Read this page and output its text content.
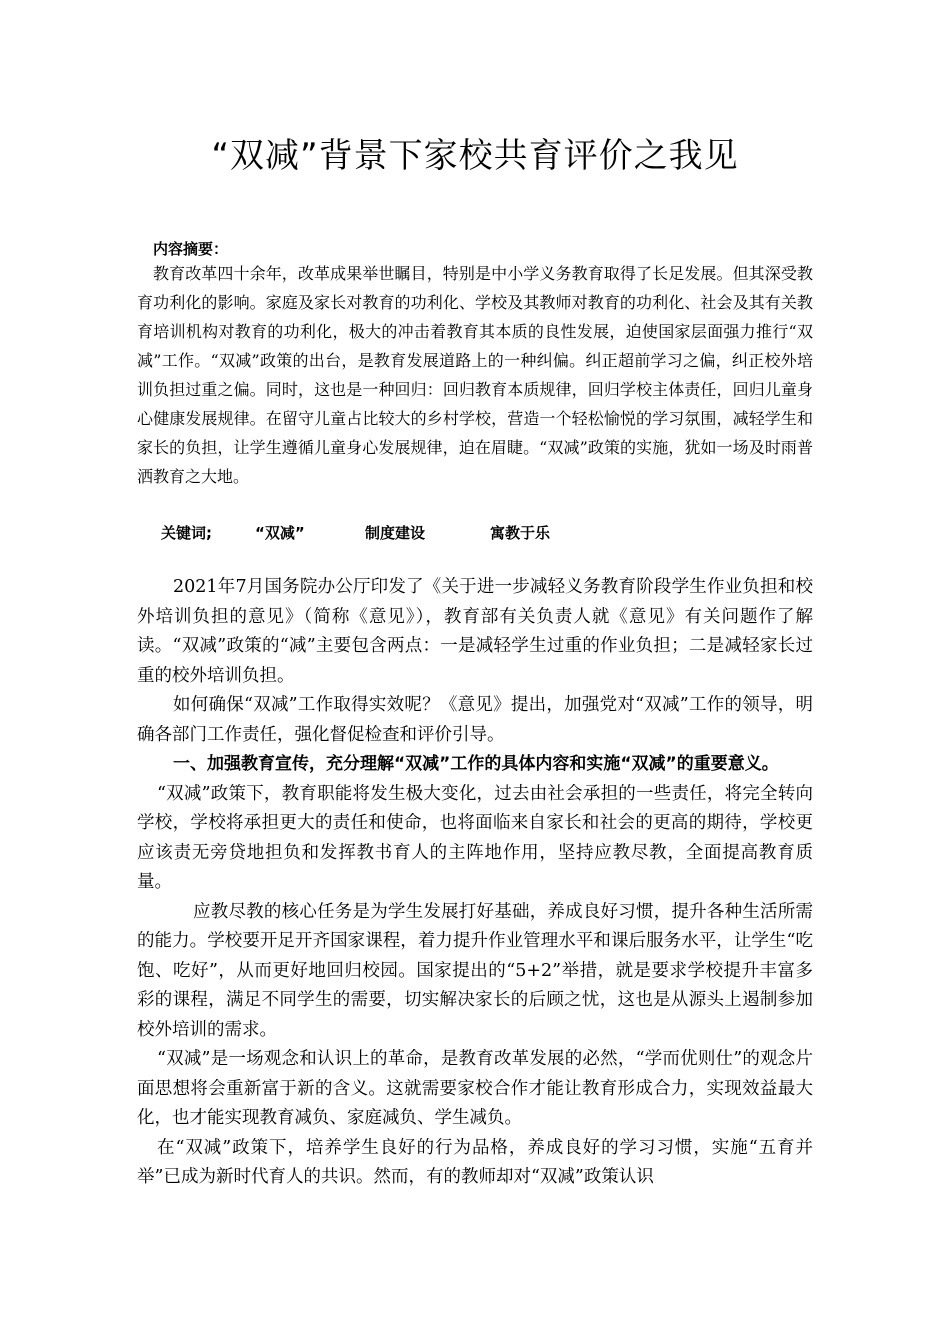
“双减”背景下家校共育评价之我见
内容摘要：

教育改革四十余年，改革成果举世瞩目，特别是中小学义务教育取得了长足发展。但其深受教育功利化的影响。家庭及家长对教育的功利化、学校及其教师对教育的功利化、社会及其有关教育培训机构对教育的功利化，极大的冲击着教育其本质的良性发展，迫使国家层面强力推行“双减”工作。“双减”政策的出台，是教育发展道路上的一种纠偏。纠正超前学习之偏，纠正校外培训负担过重之偏。同时，这也是一种回归：回归教育本质规律，回归学校主体责任，回归儿童身心健康发展规律。在留守儿童占比较大的乡村学校，营造一个轻松愉悦的学习氛围，减轻学生和家长的负担，让学生遵循儿童身心发展规律，迫在眉睫。“双减”政策的实施，犹如一场及时雨普洒教育之大地。

关键词;	“双减”	制度建设	寓教于乐

2021年7月国务院办公厅印发了《关于进一步减轻义务教育阶段学生作业负担和校外培训负担的意见》（简称《意见》），教育部有关负责人就《意见》有关问题作了解读。“双减”政策的“减”主要包含两点：一是减轻学生过重的作业负担；二是减轻家长过重的校外培训负担。

如何确保“双减”工作取得实效呢？《意见》提出，加强党对“双减”工作的领导，明确各部门工作责任，强化督促检查和评价引导。

一、加强教育宣传，充分理解“双减”工作的具体内容和实施“双减”的重要意义。

“双减”政策下，教育职能将发生极大变化，过去由社会承担的一些责任，将完全转向学校，学校将承担更大的责任和使命，也将面临来自家长和社会的更高的期待，学校更应该责无旁贷地担负和发挥教书育人的主阵地作用，坚持应教尽教，全面提高教育质量。

应教尽教的核心任务是为学生发展打好基础，养成良好习惯，提升各种生活所需的能力。学校要开足开齐国家课程，着力提升作业管理水平和课后服务水平，让学生“吃饱、吃好”，从而更好地回归校园。国家提出的“5+2”举措，就是要求学校提升丰富多彩的课程，满足不同学生的需要，切实解决家长的后顾之忧，这也是从源头上遏制参加校外培训的需求。

“双减”是一场观念和认识上的革命，是教育改革发展的必然，“学而优则仕”的观念片面思想将会重新富于新的含义。这就需要家校合作才能让教育形成合力，实现效益最大化，也才能实现教育减负、家庭减负、学生减负。

在“双减”政策下，培养学生良好的行为品格，养成良好的学习习惯，实施“五育并举”已成为新时代育人的共识。然而，有的教师却对“双减”政策认识
